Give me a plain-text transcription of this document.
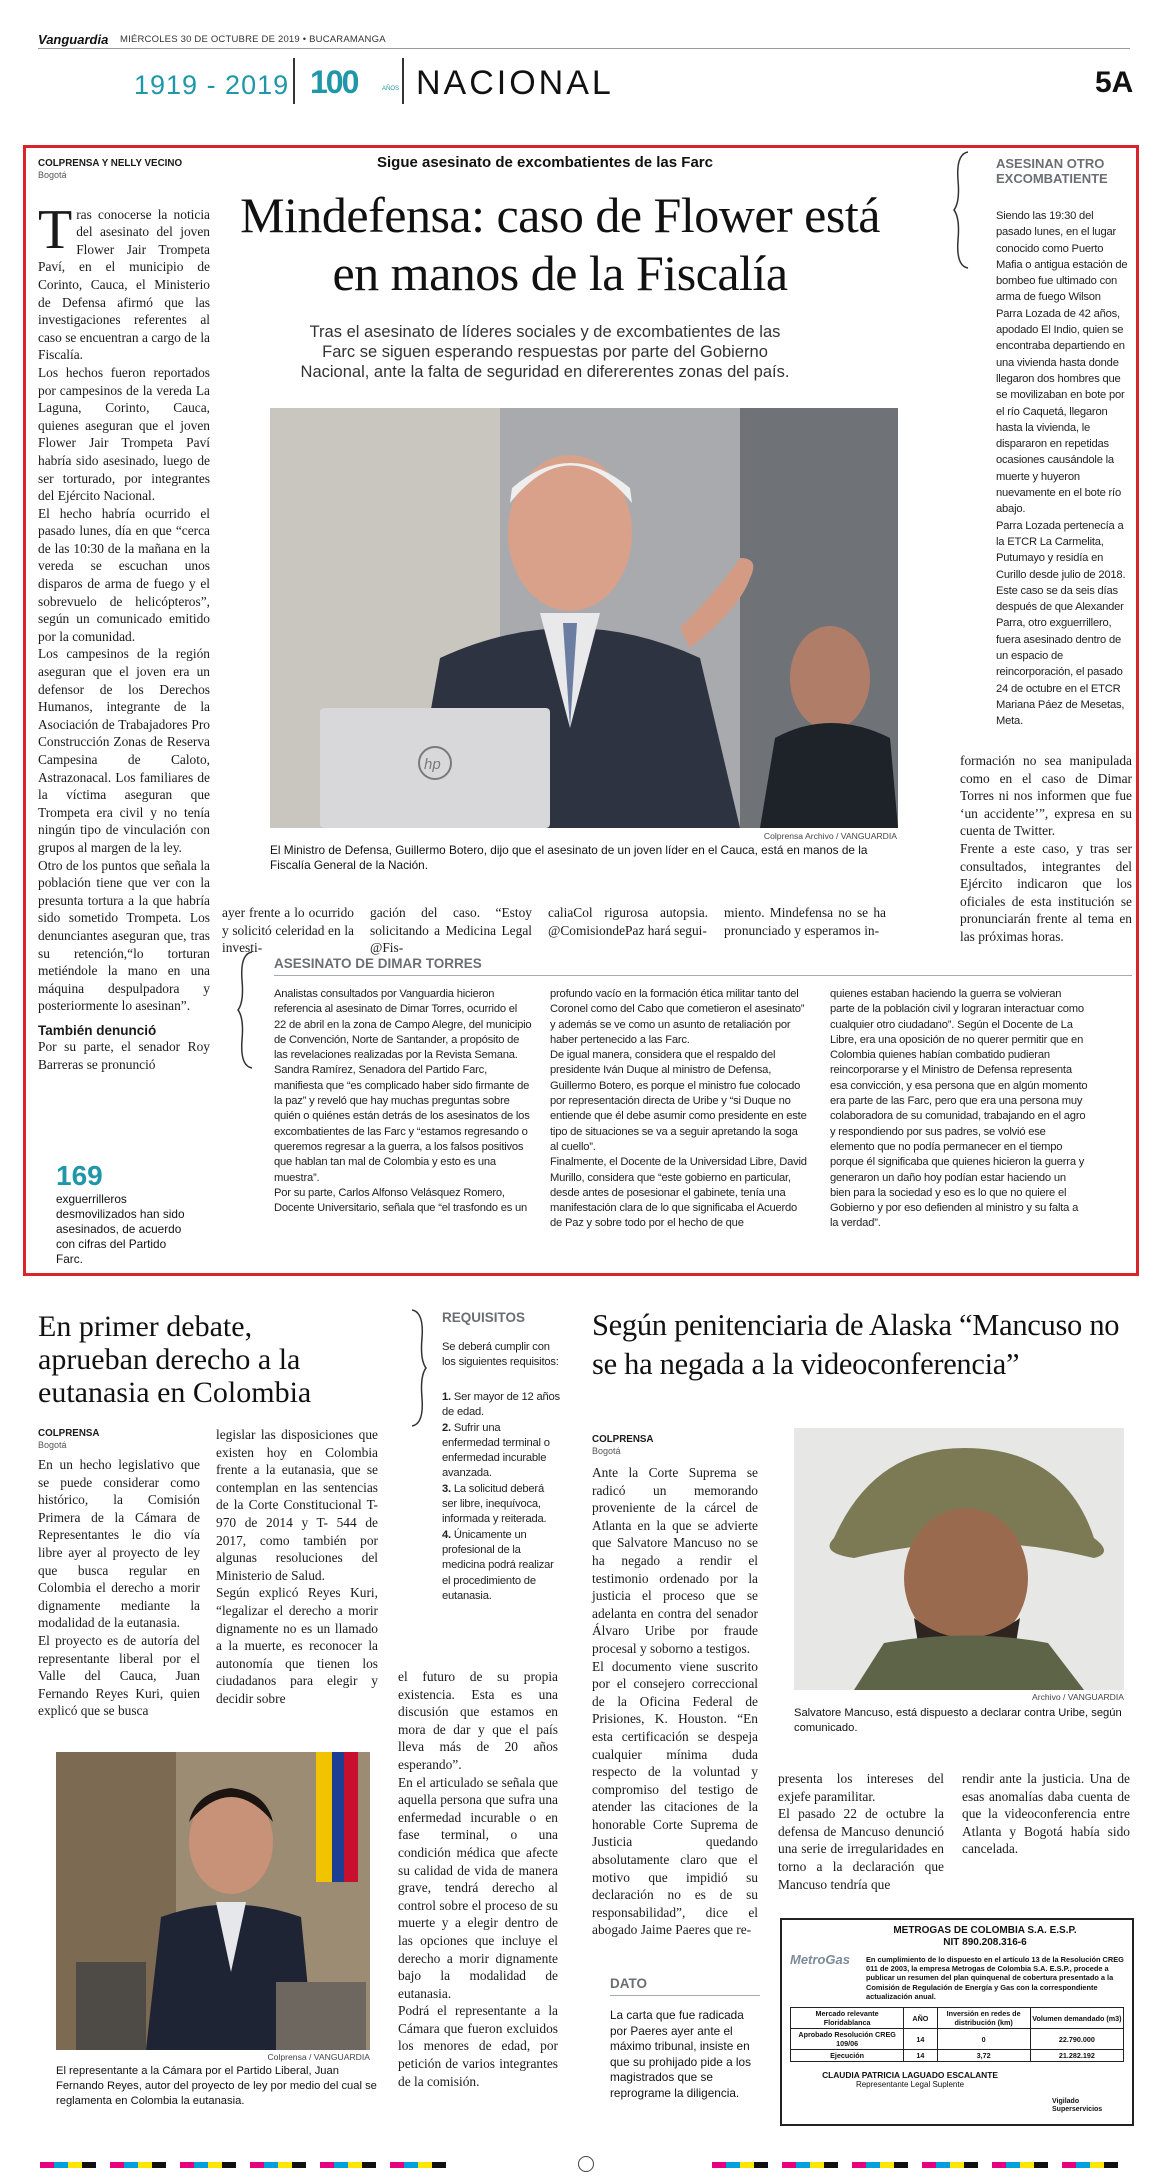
Vanguardia MIÉRCOLES 30 DE OCTUBRE DE 2019 • BUCARAMANGA
1919 - 2019 100	AÑOS NACIONAL	5A
COLPRENSA Y NELLY VECINO
Bogotá

Tras conocerse la noticia del asesinato del joven Flower Jair Trompeta Paví, en el municipio de Corinto, Cauca, el Ministerio de Defensa afirmó que las investigaciones referentes al caso se encuentran a cargo de la Fiscalía.
Los hechos fueron reportados por campesinos de la vereda La Laguna, Corinto, Cauca, quienes aseguran que el joven Flower Jair Trompeta Paví habría sido asesinado, luego de ser torturado, por integrantes del Ejército Nacional.
El hecho habría ocurrido el pasado lunes, día en que “cerca de las 10:30 de la mañana en la vereda se escuchan unos disparos de arma de fuego y el sobrevuelo de helicópteros”, según un comunicado emitido por la comunidad.
Los campesinos de la región aseguran que el joven era un defensor de los Derechos Humanos, integrante de la Asociación de Trabajadores Pro Construcción Zonas de Reserva Campesina de Caloto, Astrazonacal. Los familiares de la víctima aseguran que Trompeta era civil y no tenía ningún tipo de vinculación con grupos al margen de la ley.
Otro de los puntos que señala la población tiene que ver con la presunta tortura a la que habría sido sometido Trompeta. Los denunciantes aseguran que, tras su retención,“lo torturan metiéndole la mano en una máquina despulpadora y posteriormente lo asesinan”.

También denunció
Por su parte, el senador Roy Barreras se pronunció
Sigue asesinato de excombatientes de las Farc
Mindefensa: caso de Flower está en manos de la Fiscalía
Tras el asesinato de líderes sociales y de excombatientes de las Farc se siguen esperando respuestas por parte del Gobierno Nacional, ante la falta de seguridad en difererentes zonas del país.
hp
Colprensa Archivo / VANGUARDIA
El Ministro de Defensa, Guillermo Botero, dijo que el asesinato de un joven líder en el Cauca, está en manos de la Fiscalía General de la Nación.
ayer frente a lo ocurrido y solicitó celeridad en la investi-
gación del caso. “Estoy solicitando a Medicina Legal @Fis-
caliaCol rigurosa autopsia. @ComisiondePaz hará segui-
miento. Mindefensa no se ha pronunciado y esperamos in-
formación no sea manipulada como en el caso de Dimar Torres ni nos informen que fue ‘un accidente’”, expresa en su cuenta de Twitter.
Frente a este caso, y tras ser consultados, integrantes del Ejército indicaron que los oficiales de esta institución se pronunciarán frente al tema en las próximas horas.
ASESINAN OTRO EXCOMBATIENTE
Siendo las 19:30 del pasado lunes, en el lugar conocido como Puerto Mafia o antigua estación de bombeo fue ultimado con arma de fuego Wilson Parra Lozada de 42 años, apodado El Indio, quien se encontraba departiendo en una vivienda hasta donde llegaron dos hombres que se movilizaban en bote por el río Caquetá, llegaron hasta la vivienda, le dispararon en repetidas ocasiones causándole la muerte y huyeron nuevamente en el bote río abajo.
Parra Lozada pertenecía a la ETCR La Carmelita, Putumayo y residía en Curillo desde julio de 2018.
Este caso se da seis días después de que Alexander Parra, otro exguerrillero, fuera asesinado dentro de un espacio de reincorporación, el pasado 24 de octubre en el ETCR Mariana Páez de Mesetas, Meta.
ASESINATO DE DIMAR TORRES
Analistas consultados por Vanguardia hicieron referencia al asesinato de Dimar Torres, ocurrido el 22 de abril en la zona de Campo Alegre, del municipio de Convención, Norte de Santander, a propósito de las revelaciones realizadas por la Revista Semana.
Sandra Ramírez, Senadora del Partido Farc, manifiesta que “es complicado haber sido firmante de la paz” y reveló que hay muchas preguntas sobre quién o quiénes están detrás de los asesinatos de los excombatientes de las Farc y “estamos regresando o queremos regresar a la guerra, a los falsos positivos que hablan tan mal de Colombia y esto es una muestra”.
Por su parte, Carlos Alfonso Velásquez Romero, Docente Universitario, señala que “el trasfondo es un
profundo vacío en la formación ética militar tanto del Coronel como del Cabo que cometieron el asesinato” y además se ve como un asunto de retaliación por haber pertenecido a las Farc.
De igual manera, considera que el respaldo del presidente Iván Duque al ministro de Defensa, Guillermo Botero, es porque el ministro fue colocado por representación directa de Uribe y “si Duque no entiende que él debe asumir como presidente en este tipo de situaciones se va a seguir apretando la soga al cuello”.
Finalmente, el Docente de la Universidad Libre, David Murillo, considera que “este gobierno en particular, desde antes de posesionar el gabinete, tenía una manifestación clara de lo que significaba el Acuerdo de Paz y sobre todo por el hecho de que
quienes estaban haciendo la guerra se volvieran parte de la población civil y lograran interactuar como cualquier otro ciudadano”. Según el Docente de La Libre, era una oposición de no querer permitir que en Colombia quienes habían combatido pudieran reincorporarse y el Ministro de Defensa representa esa convicción, y esa persona que en algún momento era parte de las Farc, pero que era una persona muy colaboradora de su comunidad, trabajando en el agro y respondiendo por sus padres, se volvió ese elemento que no podía permanecer en el tiempo porque él significaba que quienes hicieron la guerra y generaron un daño hoy podían estar haciendo un bien para la sociedad y eso es lo que no quiere el Gobierno y por eso defienden al ministro y su falta a la verdad”.
169
exguerrilleros desmovilizados han sido asesinados, de acuerdo con cifras del Partido Farc.
En primer debate, aprueban derecho a la eutanasia en Colombia
COLPRENSA
Bogotá
En un hecho legislativo que se puede considerar como histórico, la Comisión Primera de la Cámara de Representantes le dio vía libre ayer al proyecto de ley que busca regular en Colombia el derecho a morir dignamente mediante la modalidad de la eutanasia.
El proyecto es de autoría del representante liberal por el Valle del Cauca, Juan Fernando Reyes Kuri, quien explicó que se busca
legislar las disposiciones que existen hoy en Colombia frente a la eutanasia, que se contemplan en las sentencias de la Corte Constitucional T- 970 de 2014 y T- 544 de 2017, como también por algunas resoluciones del Ministerio de Salud.
Según explicó Reyes Kuri, “legalizar el derecho a morir dignamente no es un llamado a la muerte, es reconocer la autonomía que tienen los ciudadanos para elegir y decidir sobre
el futuro de su propia existencia. Esta es una discusión que estamos en mora de dar y que el país lleva más de 20 años esperando”.
En el articulado se señala que aquella persona que sufra una enfermedad incurable o en fase terminal, o una condición médica que afecte su calidad de vida de manera grave, tendrá derecho al control sobre el proceso de su muerte y a elegir dentro de las opciones que incluye el derecho a morir dignamente bajo la modalidad de eutanasia.
Podrá el representante a la Cámara que fueron excluidos los menores de edad, por petición de varios integrantes de la comisión.
Colprensa / VANGUARDIA
El representante a la Cámara por el Partido Liberal, Juan Fernando Reyes, autor del proyecto de ley por medio del cual se reglamenta en Colombia la eutanasia.
REQUISITOS
Se deberá cumplir con los siguientes requisitos:
1. Ser mayor de 12 años de edad.
2. Sufrir una enfermedad terminal o enfermedad incurable avanzada.
3. La solicitud deberá ser libre, inequívoca, informada y reiterada.
4. Únicamente un profesional de la medicina podrá realizar el procedimiento de eutanasia.
Según penitenciaria de Alaska “Mancuso no se ha negada a la videoconferencia”
COLPRENSA
Bogotá
Ante la Corte Suprema se radicó un memorando proveniente de la cárcel de Atlanta en la que se advierte que Salvatore Mancuso no se ha negado a rendir el testimonio ordenado por la justicia el proceso que se adelanta en contra del senador Álvaro Uribe por fraude procesal y soborno a testigos.
El documento viene suscrito por el consejero correccional de la Oficina Federal de Prisiones, K. Houston. “En esta certificación se despeja cualquier mínima duda respecto de la voluntad y compromiso del testigo de atender las citaciones de la honorable Corte Suprema de Justicia quedando absolutamente claro que el motivo que impidió su declaración no es de su responsabilidad”, dice el abogado Jaime Paeres que re-
presenta los intereses del exjefe paramilitar.
El pasado 22 de octubre la defensa de Mancuso denunció una serie de irregularidades en torno a la declaración que Mancuso tendría que
rendir ante la justicia. Una de esas anomalías daba cuenta de que la videoconferencia entre Atlanta y Bogotá había sido cancelada.
Archivo / VANGUARDIA
Salvatore Mancuso, está dispuesto a declarar contra Uribe, según comunicado.
DATO
La carta que fue radicada por Paeres ayer ante el máximo tribunal, insiste en que su prohijado pide a los magistrados que se reprograme la diligencia.
METROGAS DE COLOMBIA S.A. E.S.P.
NIT 890.208.316-6
MetroGas En cumplimiento de lo dispuesto en el artículo 13 de la Resolución CREG 011 de 2003, la empresa Metrogas de Colombia S.A. E.S.P., procede a publicar un resumen del plan quinquenal de cobertura presentado a la Comisión de Regulación de Energía y Gas con la correspondiente actualización anual.
Mercado relevante Floridablanca	AÑO	Inversión en redes de distribución (km)	Volumen demandado (m3)
Aprobado Resolución CREG 109/06	14	0	22.790.000
Ejecución	14	3,72	21.282.192
CLAUDIA PATRICIA LAGUADO ESCALANTE
Representante Legal Suplente
Vigilado Superservicios
